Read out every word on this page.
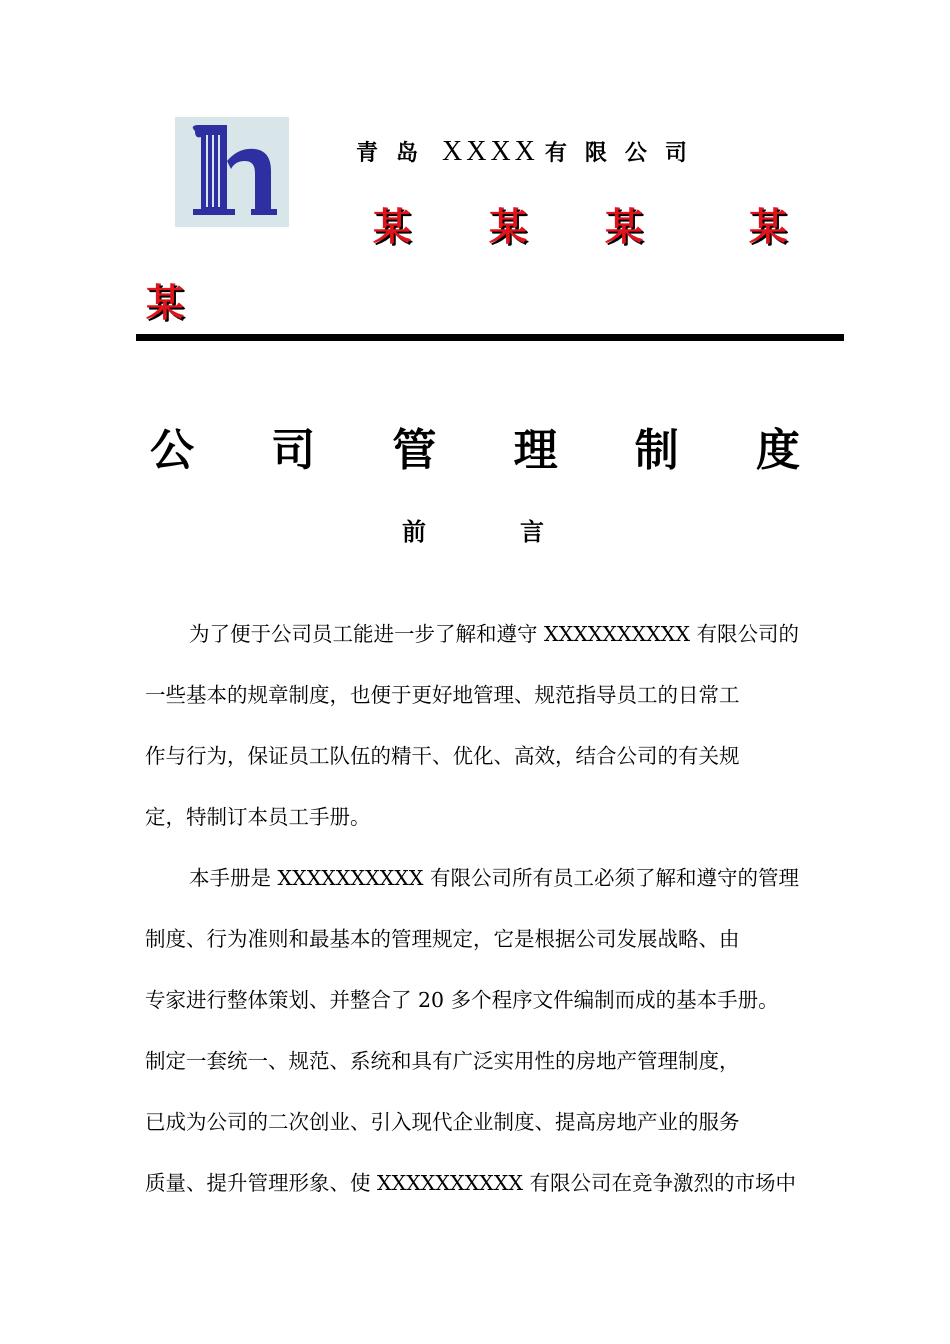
青岛 XXXX 有限公司
某 某 某	某
某
公 司 管 理 制 度
前	言
为了便于公司员工能进一步了解和遵守 XXXXXXXXXX 有限公司的
一些基本的规章制度，也便于更好地管理、规范指导员工的日常工
作与行为，保证员工队伍的精干、优化、高效，结合公司的有关规
定，特制订本员工手册。
本手册是 XXXXXXXXXX 有限公司所有员工必须了解和遵守的管理
制度、行为准则和最基本的管理规定，它是根据公司发展战略、由
专家进行整体策划、并整合了 20 多个程序文件编制而成的基本手册。
制定一套统一、规范、系统和具有广泛实用性的房地产管理制度，
已成为公司的二次创业、引入现代企业制度、提高房地产业的服务
质量、提升管理形象、使 XXXXXXXXXX 有限公司在竞争激烈的市场中
